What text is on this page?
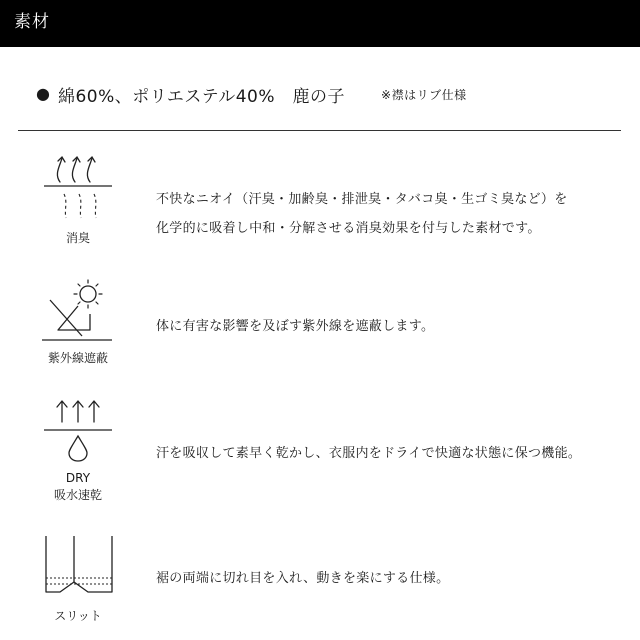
素材
● 綿60%、ポリエステル40%　鹿の子	※襟はリブ仕様
消臭
不快なニオイ（汗臭・加齢臭・排泄臭・タバコ臭・生ゴミ臭など）を
化学的に吸着し中和・分解させる消臭効果を付与した素材です。
紫外線遮蔽
体に有害な影響を及ぼす紫外線を遮蔽します。
DRY
吸水速乾
汗を吸収して素早く乾かし、衣服内をドライで快適な状態に保つ機能。
スリット
裾の両端に切れ目を入れ、動きを楽にする仕様。
